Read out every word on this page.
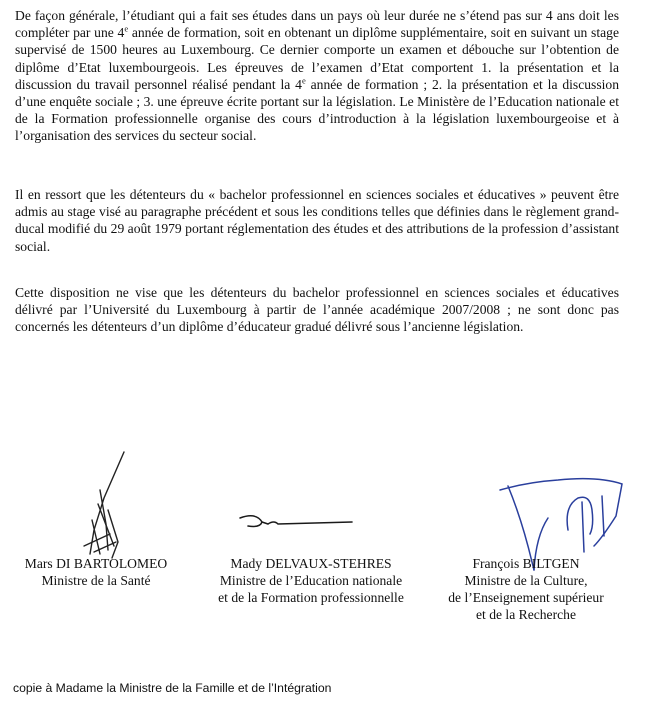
De façon générale, l’étudiant qui a fait ses études dans un pays où leur durée ne s’étend pas sur 4 ans doit les compléter par une 4e année de formation, soit en obtenant un diplôme supplémentaire, soit en suivant un stage supervisé de 1500 heures au Luxembourg. Ce dernier comporte un examen et débouche sur l’obtention de diplôme d’Etat luxembourgeois. Les épreuves de l’examen d’Etat comportent 1. la présentation et la discussion du travail personnel réalisé pendant la 4e année de formation ; 2. la présentation et la discussion d’une enquête sociale ; 3. une épreuve écrite portant sur la législation. Le Ministère de l’Education nationale et de la Formation professionnelle organise des cours d’introduction à la législation luxembourgeoise et à l’organisation des services du secteur social.

Il en ressort que les détenteurs du « bachelor professionnel en sciences sociales et éducatives » peuvent être admis au stage visé au paragraphe précédent et sous les conditions telles que définies dans le règlement grand-ducal modifié du 29 août 1979 portant réglementation des études et des attributions de la profession d’assistant social.

Cette disposition ne vise que les détenteurs du bachelor professionnel en sciences sociales et éducatives délivré par l’Université du Luxembourg à partir de l’année académique 2007/2008 ; ne sont donc pas concernés les détenteurs d’un diplôme d’éducateur gradué délivré sous l’ancienne législation.

Mars DI BARTOLOMEO
Ministre de la Santé
Mady DELVAUX-STEHRES
Ministre de l’Education nationale
et de la Formation professionnelle
François BILTGEN
Ministre de la Culture,
de l’Enseignement supérieur
et de la Recherche
copie à Madame la Ministre de la Famille et de l’Intégration
